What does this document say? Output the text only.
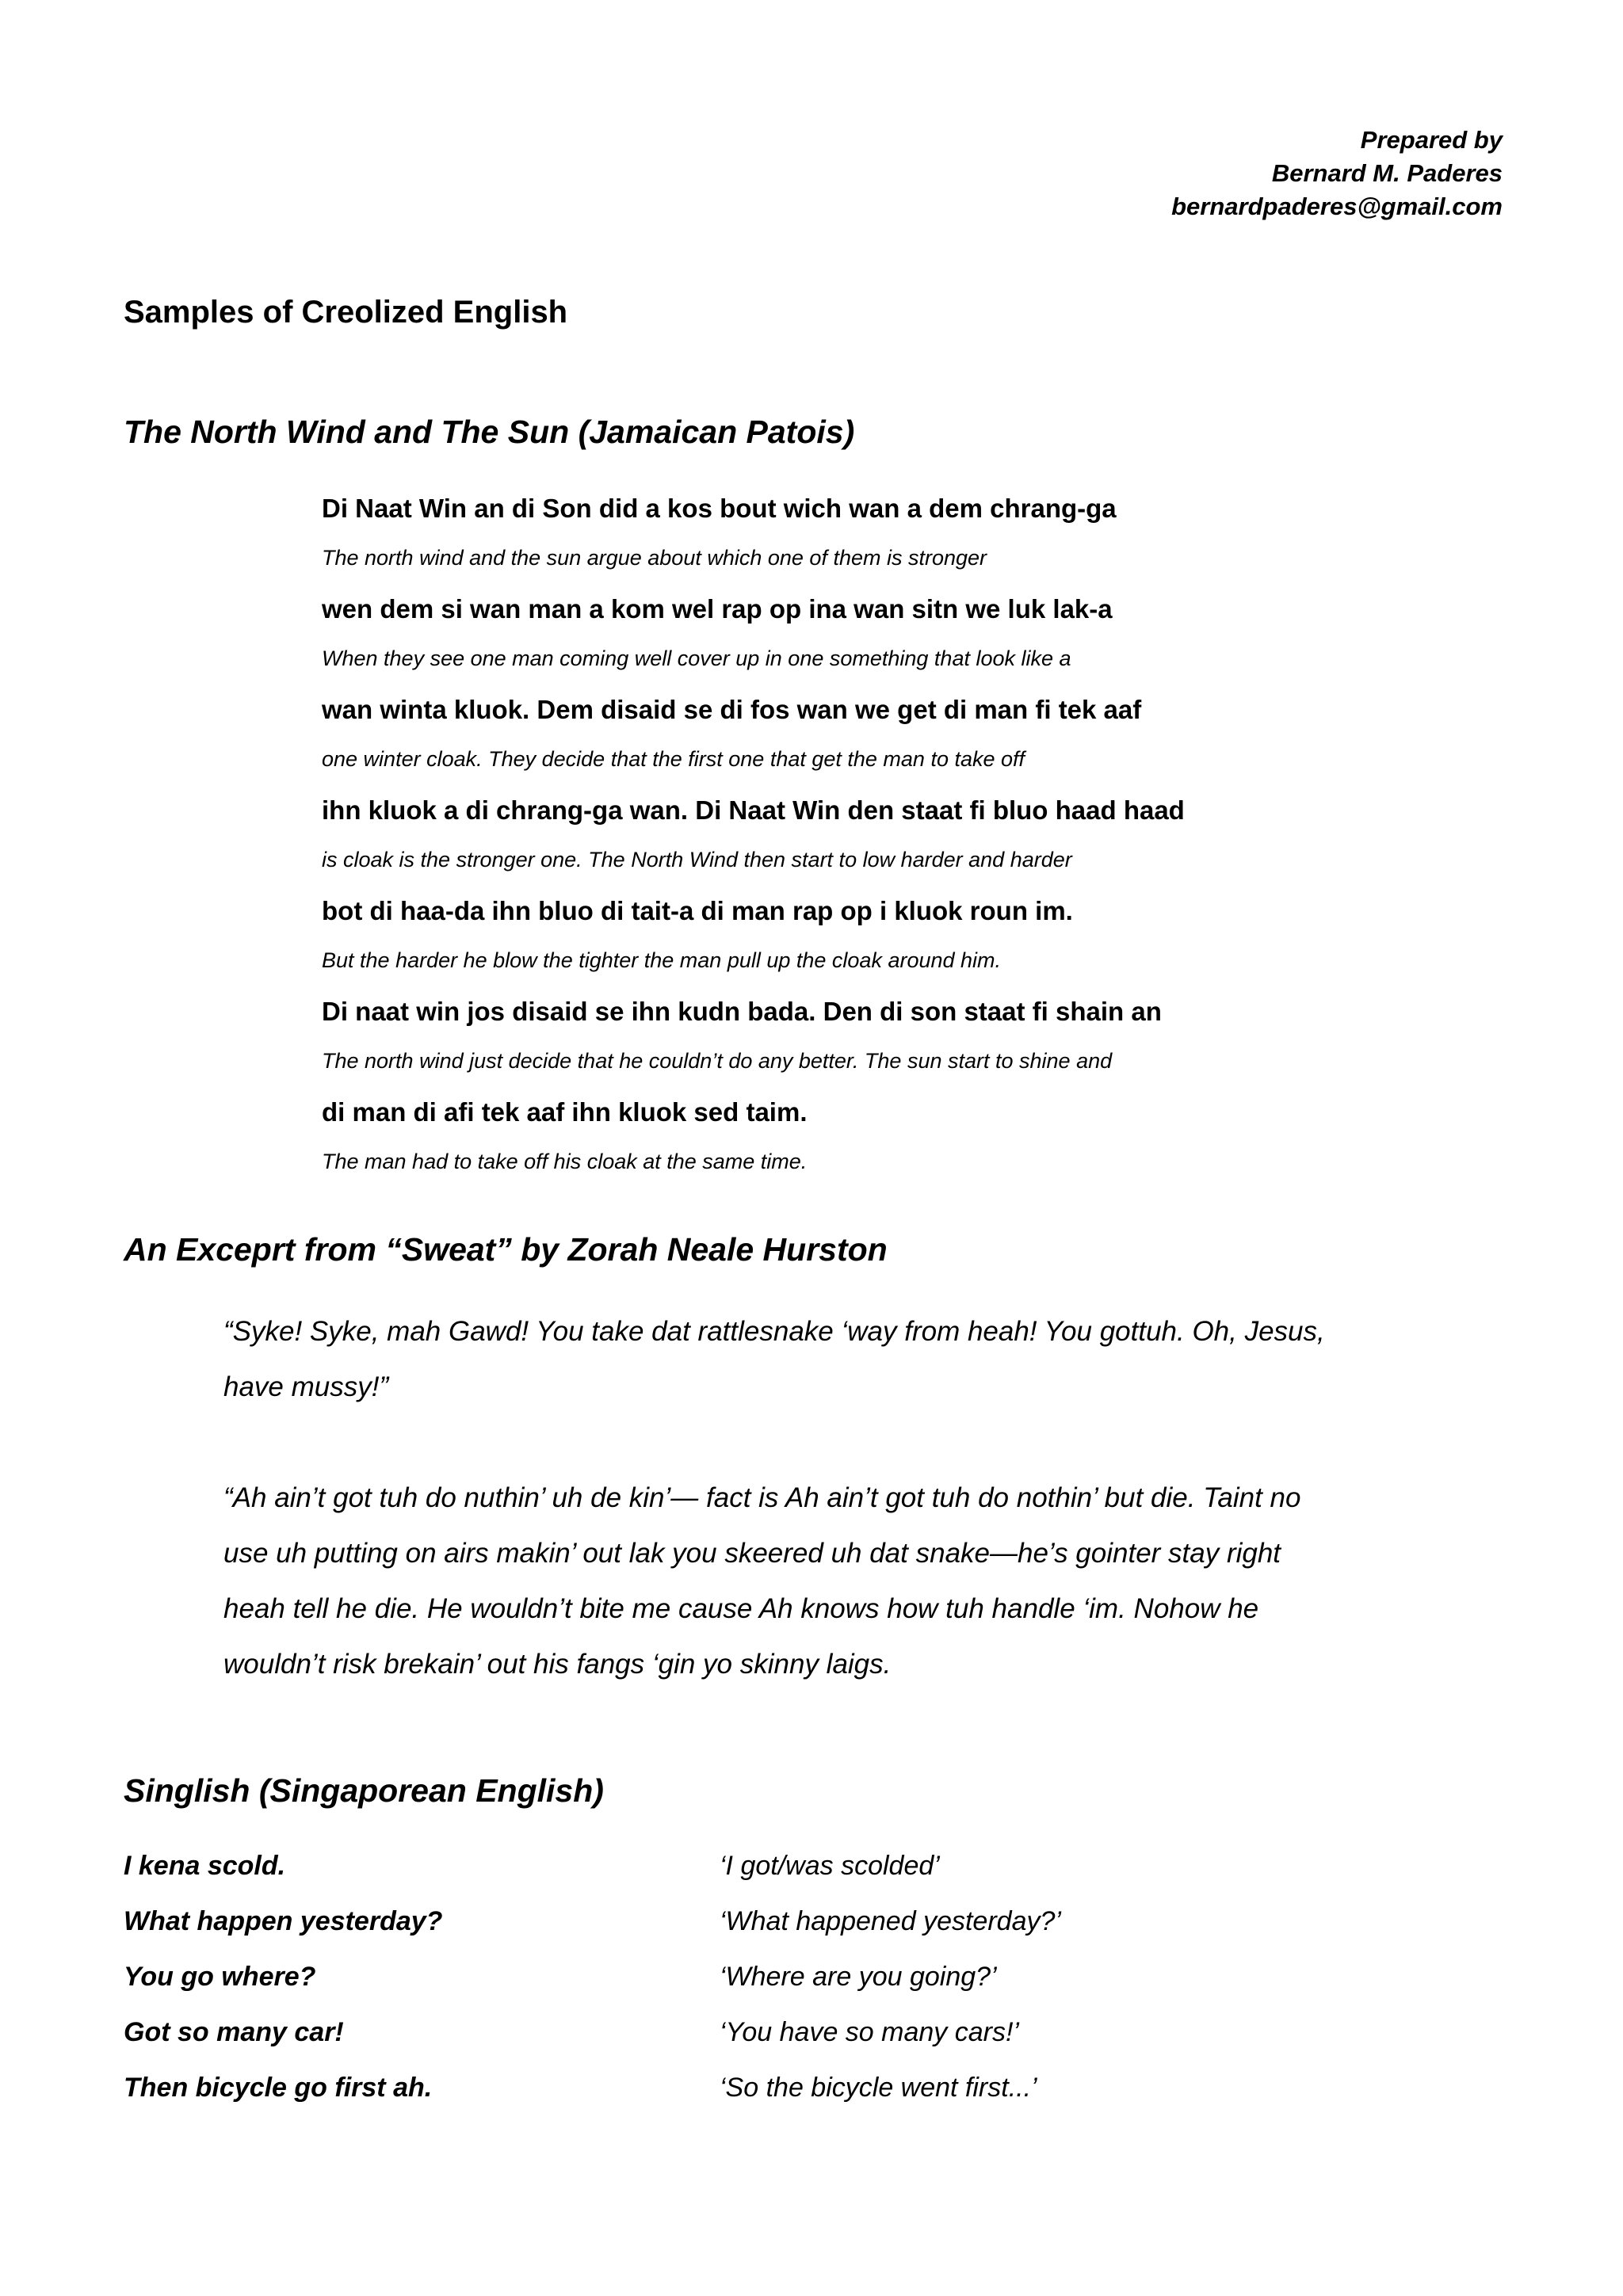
Prepared by
Bernard M. Paderes
bernardpaderes@gmail.com
Samples of Creolized English
The North Wind and The Sun (Jamaican Patois)
Di Naat Win an di Son did a kos bout wich wan a dem chrang-ga
The north wind and the sun argue about which one of them is stronger
wen dem si wan man a kom wel rap op ina wan sitn we luk lak-a
When they see one man coming well cover up in one something that look like a
wan winta kluok. Dem disaid se di fos wan we get di man fi tek aaf
one winter cloak. They decide that the first one that get the man to take off
ihn kluok a di chrang-ga wan. Di Naat Win den staat fi bluo haad haad
is cloak is the stronger one. The North Wind then start to low harder and harder
bot di haa-da ihn bluo di tait-a di man rap op i kluok roun im.
But the harder he blow the tighter the man pull up the cloak around him.
Di naat win jos disaid se ihn kudn bada. Den di son staat fi shain an
The north wind just decide that he couldn’t do any better. The sun start to shine and
di man di afi tek aaf ihn kluok sed taim.
The man had to take off his cloak at the same time.
An Exceprt from “Sweat” by Zorah Neale Hurston
“Syke! Syke, mah Gawd! You take dat rattlesnake ‘way from heah! You gottuh. Oh, Jesus,
have mussy!”
“Ah ain’t got tuh do nuthin’ uh de kin’— fact is Ah ain’t got tuh do nothin’ but die. Taint no
use uh putting on airs makin’ out lak you skeered uh dat snake—he’s gointer stay right
heah tell he die. He wouldn’t bite me cause Ah knows how tuh handle ‘im. Nohow he
wouldn’t risk brekain’ out his fangs ‘gin yo skinny laigs.
Singlish (Singaporean English)
I kena scold.	‘I got/was scolded’
What happen yesterday?	‘What happened yesterday?’
You go where?	‘Where are you going?’
Got so many car!	‘You have so many cars!’
Then bicycle go first ah.	‘So the bicycle went first...’
